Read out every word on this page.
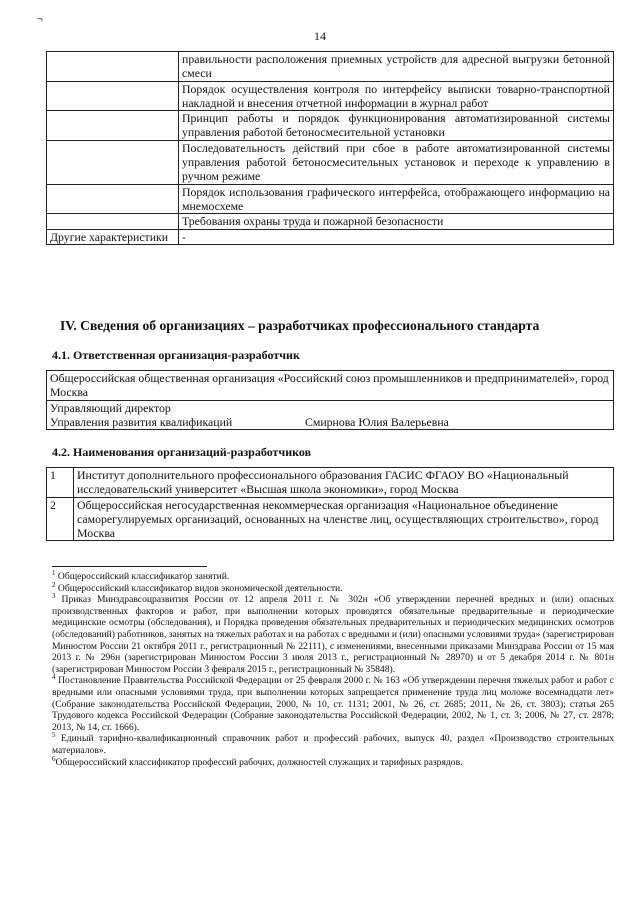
¬
14
	правильности расположения приемных устройств для адресной выгрузки бетонной смеси
	Порядок осуществления контроля по интерфейсу выписки товарно-транспортной накладной и внесения отчетной информации в журнал работ
	Принцип работы и порядок функционирования автоматизированной системы управления работой бетоносмесительной установки
	Последовательность действий при сбое в работе автоматизированной системы управления работой бетоносмесительных установок и переходе к управлению в ручном режиме
	Порядок использования графического интерфейса, отображающего информацию на мнемосхеме
	Требования охраны труда и пожарной безопасности
Другие характеристики	-
IV. Сведения об организациях – разработчиках профессионального стандарта
4.1. Ответственная организация-разработчик
Общероссийская общественная организация «Российский союз промышленников и предпринимателей», город Москва

Управляющий директор
Управления развития квалификаций	Смирнова Юлия Валерьевна
4.2. Наименования организаций-разработчиков
1	Институт дополнительного профессионального образования ГАСИС ФГАОУ ВО «Национальный исследовательский университет «Высшая школа экономики», город Москва
2	Общероссийская негосударственная некоммерческая организация «Национальное объединение саморегулируемых организаций, основанных на членстве лиц, осуществляющих строительство», город Москва

$^1$ Общероссийский классификатор занятий.

$^2$ Общероссийский классификатор видов экономической деятельности.

$^3$ Приказ Минздравсоцразвития России от 12 апреля 2011 г. № 302н «Об утверждении перечней вредных и (или) опасных производственных факторов и работ, при выполнении которых проводятся обязательные предварительные и периодические медицинские осмотры (обследования), и Порядка проведения обязательных предварительных и периодических медицинских осмотров (обследований) работников, занятых на тяжелых работах и на работах с вредными и (или) опасными условиями труда» (зарегистрирован Минюстом России 21 октября 2011 г., регистрационный № 22111), с изменениями, внесенными приказами Минздрава России от 15 мая 2013 г. № 296н (зарегистрирован Минюстом России 3 июля 2013 г., регистрационный № 28970) и от 5 декабря 2014 г. № 801н (зарегистрирован Минюстом России 3 февраля 2015 г., регистрационный № 35848).

$^4$ Постановление Правительства Российской Федерации от 25 февраля 2000 г. № 163 «Об утверждении перечня тяжелых работ и работ с вредными или опасными условиями труда, при выполнении которых запрещается применение труда лиц моложе восемнадцати лет» (Собрание законодательства Российской Федерации, 2000, № 10, ст. 1131; 2001, № 26, ст. 2685; 2011, № 26, ст. 3803); статья 265 Трудового кодекса Российской Федерации (Собрание законодательства Российской Федерации, 2002, № 1, ст. 3; 2006, № 27, ст. 2878; 2013, № 14, ст. 1666).

$^5$ Единый тарифно-квалификационный справочник работ и профессий рабочих, выпуск 40, раздел «Производство строительных материалов».

$^6$Общероссийский классификатор профессий рабочих, должностей служащих и тарифных разрядов.
